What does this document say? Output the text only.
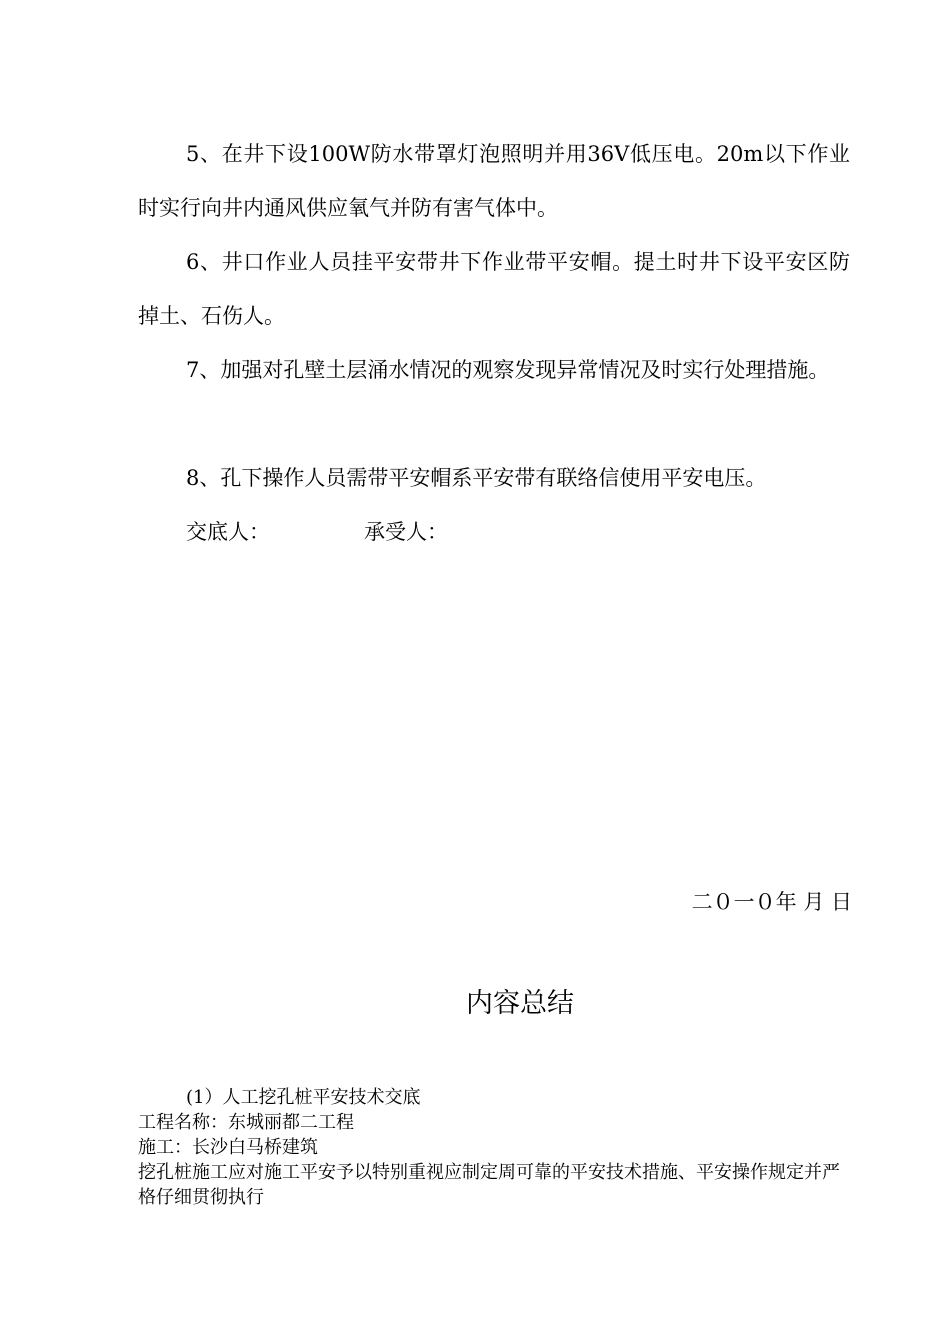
5、在井下设100W防水带罩灯泡照明并用36V低压电。20m以下作业时实行向井内通风供应氧气并防有害气体中。

6、井口作业人员挂平安带井下作业带平安帽。提土时井下设平安区防掉土、石伤人。

7、加强对孔壁土层涌水情况的观察发现异常情况及时实行处理措施。

8、孔下操作人员需带平安帽系平安带有联络信使用平安电压。

交底人：	承受人：
二０一０年 月 日
内容总结
(1）人工挖孔桩平安技术交底
工程名称：东城丽都二工程
施工：长沙白马桥建筑
挖孔桩施工应对施工平安予以特别重视应制定周可靠的平安技术措施、平安操作规定并严格仔细贯彻执行
